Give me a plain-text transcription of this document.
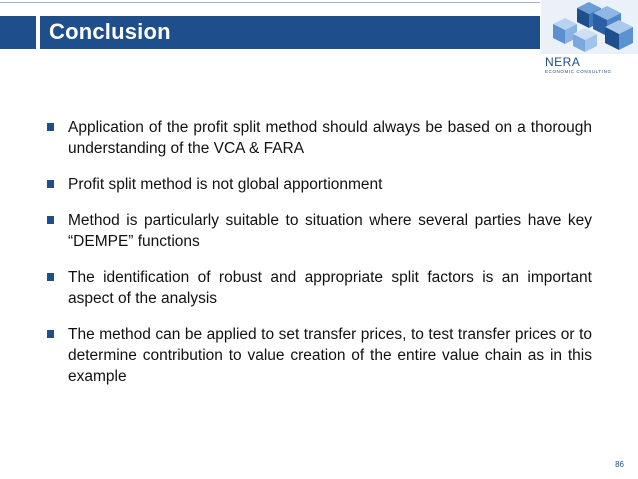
Conclusion
NERA
ECONOMIC CONSULTING
Application of the profit split method should always be based on a thorough understanding of the VCA & FARA
Profit split method is not global apportionment
Method is particularly suitable to situation where several parties have key “DEMPE” functions
The identification of robust and appropriate split factors is an important aspect of the analysis
The method can be applied to set transfer prices, to test transfer prices or to determine contribution to value creation of the entire value chain as in this example
86
